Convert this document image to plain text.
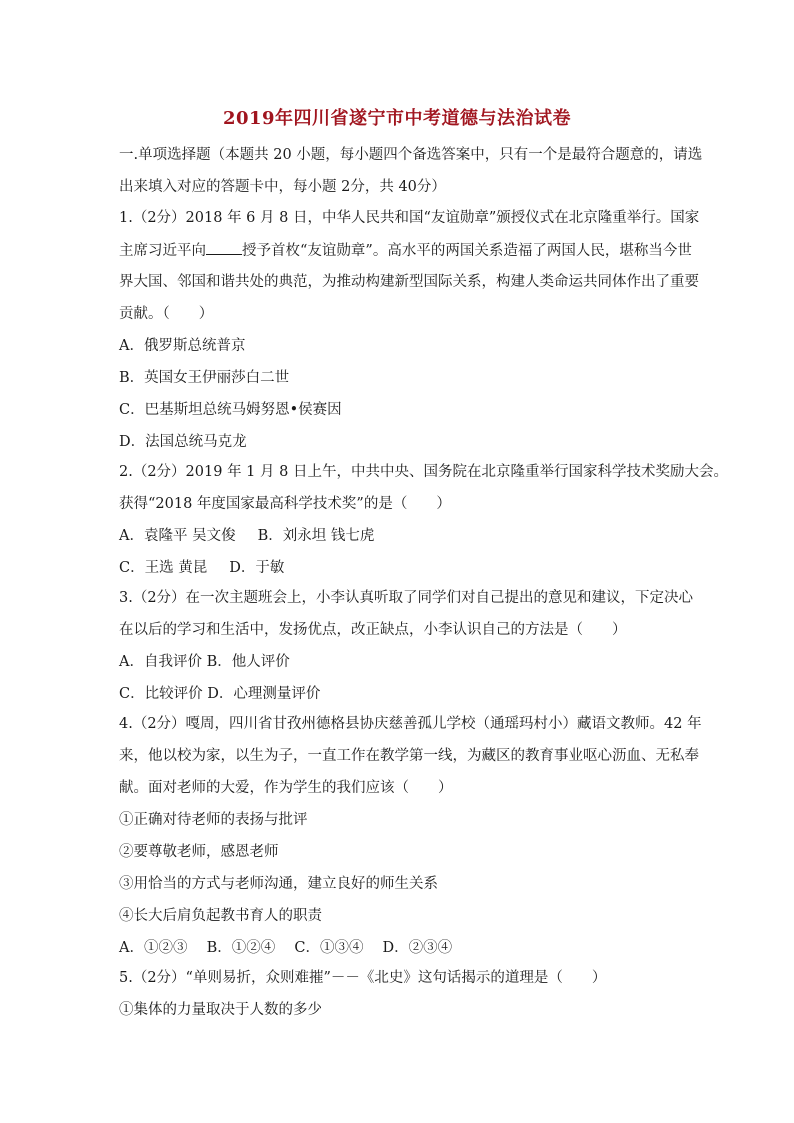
2019年四川省遂宁市中考道德与法治试卷
一.单项选择题（本题共 20 小题，每小题四个备选答案中，只有一个是最符合题意的，请选
出来填入对应的答题卡中，每小题 2分，共 40分）
1.（2分）2018 年 6 月 8 日，中华人民共和国“友谊勋章”颁授仪式在北京隆重举行。国家
主席习近平向 授予首枚“友谊勋章”。高水平的两国关系造福了两国人民，堪称当今世
界大国、邻国和谐共处的典范，为推动构建新型国际关系，构建人类命运共同体作出了重要
贡献。（　　）
A．俄罗斯总统普京
B．英国女王伊丽莎白二世
C．巴基斯坦总统马姆努恩•侯赛因
D．法国总统马克龙
2.（2分）2019 年 1 月 8 日上午，中共中央、国务院在北京隆重举行国家科学技术奖励大会。
获得“2018 年度国家最高科学技术奖”的是（　　）
A．袁隆平 吴文俊 B．刘永坦 钱七虎
C．王选 黄昆 D．于敏
3.（2分）在一次主题班会上，小李认真听取了同学们对自己提出的意见和建议，下定决心
在以后的学习和生活中，发扬优点，改正缺点，小李认识自己的方法是（　　）
A．自我评价 B．他人评价
C．比较评价 D．心理测量评价
4.（2分）嘎周，四川省甘孜州德格县协庆慈善孤儿学校（通瑶玛村小）藏语文教师。42 年
来，他以校为家，以生为子，一直工作在教学第一线，为藏区的教育事业呕心沥血、无私奉
献。面对老师的大爱，作为学生的我们应该（　　）
①正确对待老师的表扬与批评
②要尊敬老师，感恩老师
③用恰当的方式与老师沟通，建立良好的师生关系
④长大后肩负起教书育人的职责
A．①②③　 B．①②④　 C．①③④　 D．②③④
5.（2分）“单则易折，众则难摧”－－《北史》这句话揭示的道理是（　　）
①集体的力量取决于人数的多少
